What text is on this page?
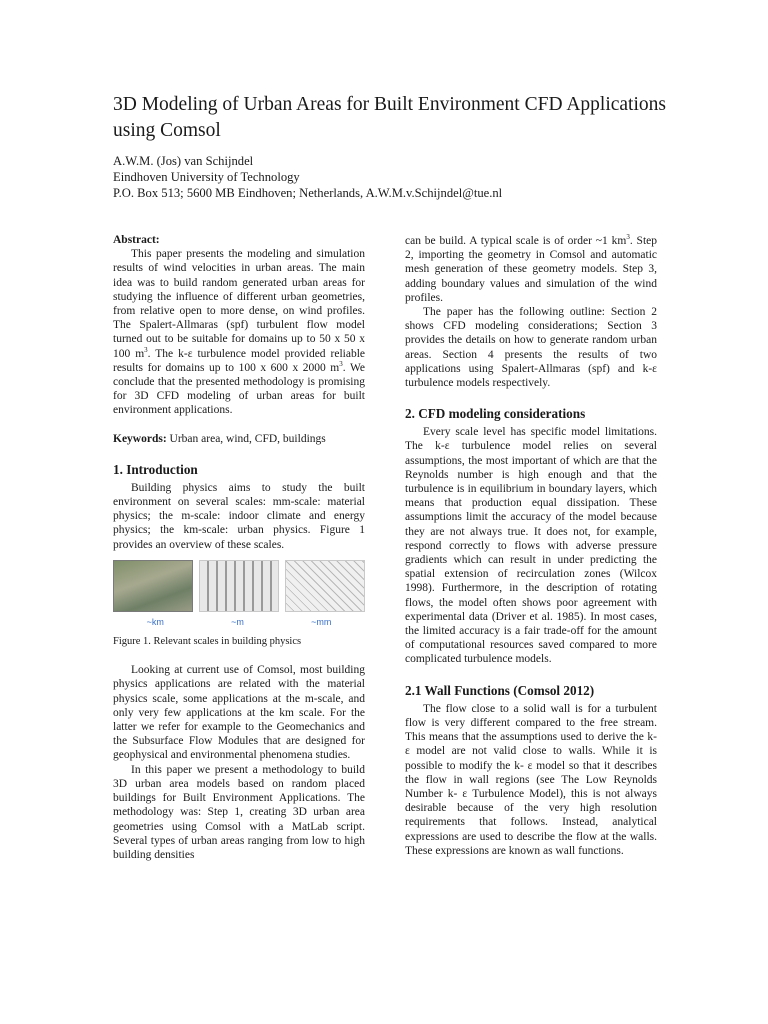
3D Modeling of Urban Areas for Built Environment CFD Applications using Comsol
A.W.M. (Jos) van Schijndel
Eindhoven University of Technology
P.O. Box 513; 5600 MB Eindhoven; Netherlands, A.W.M.v.Schijndel@tue.nl

Abstract:

This paper presents the modeling and simulation results of wind velocities in urban areas. The main idea was to build random generated urban areas for studying the influence of different urban geometries, from relative open to more dense, on wind profiles. The Spalert-Allmaras (spf) turbulent flow model turned out to be suitable for domains up to 50 x 50 x 100 $m^3$. The k-ε turbulence model provided reliable results for domains up to 100 x 600 x 2000 $m^3$. We conclude that the presented methodology is promising for 3D CFD modeling of urban areas for built environment applications.

Keywords: Urban area, wind, CFD, buildings

1. Introduction

Building physics aims to study the built environment on several scales: mm-scale: material physics; the m-scale: indoor climate and energy physics; the km-scale: urban physics. Figure 1 provides an overview of these scales.

~km	~m	~mm

Figure 1. Relevant scales in building physics

Looking at current use of Comsol, most building physics applications are related with the material physics scale, some applications at the m-scale, and only very few applications at the km scale. For the latter we refer for example to the Geomechanics and the Subsurface Flow Modules that are designed for geophysical and environmental phenomena studies.

In this paper we present a methodology to build 3D urban area models based on random placed buildings for Built Environment Applications. The methodology was: Step 1, creating 3D urban area geometries using Comsol with a MatLab script. Several types of urban areas ranging from low to high building densities

can be build. A typical scale is of order ~1 $km^3$. Step 2, importing the geometry in Comsol and automatic mesh generation of these geometry models. Step 3, adding boundary values and simulation of the wind profiles.

The paper has the following outline: Section 2 shows CFD modeling considerations; Section 3 provides the details on how to generate random urban areas. Section 4 presents the results of two applications using Spalert-Allmaras (spf) and k-ε turbulence models respectively.

2. CFD modeling considerations

Every scale level has specific model limitations. The k-ε turbulence model relies on several assumptions, the most important of which are that the Reynolds number is high enough and that the turbulence is in equilibrium in boundary layers, which means that production equal dissipation. These assumptions limit the accuracy of the model because they are not always true. It does not, for example, respond correctly to flows with adverse pressure gradients which can result in under predicting the spatial extension of recirculation zones (Wilcox 1998). Furthermore, in the description of rotating flows, the model often shows poor agreement with experimental data (Driver et al. 1985). In most cases, the limited accuracy is a fair trade-off for the amount of computational resources saved compared to more complicated turbulence models.

2.1 Wall Functions (Comsol 2012)

The flow close to a solid wall is for a turbulent flow is very different compared to the free stream. This means that the assumptions used to derive the k- ε model are not valid close to walls. While it is possible to modify the k- ε model so that it describes the flow in wall regions (see The Low Reynolds Number k- ε Turbulence Model), this is not always desirable because of the very high resolution requirements that follows. Instead, analytical expressions are used to describe the flow at the walls. These expressions are known as wall functions.
